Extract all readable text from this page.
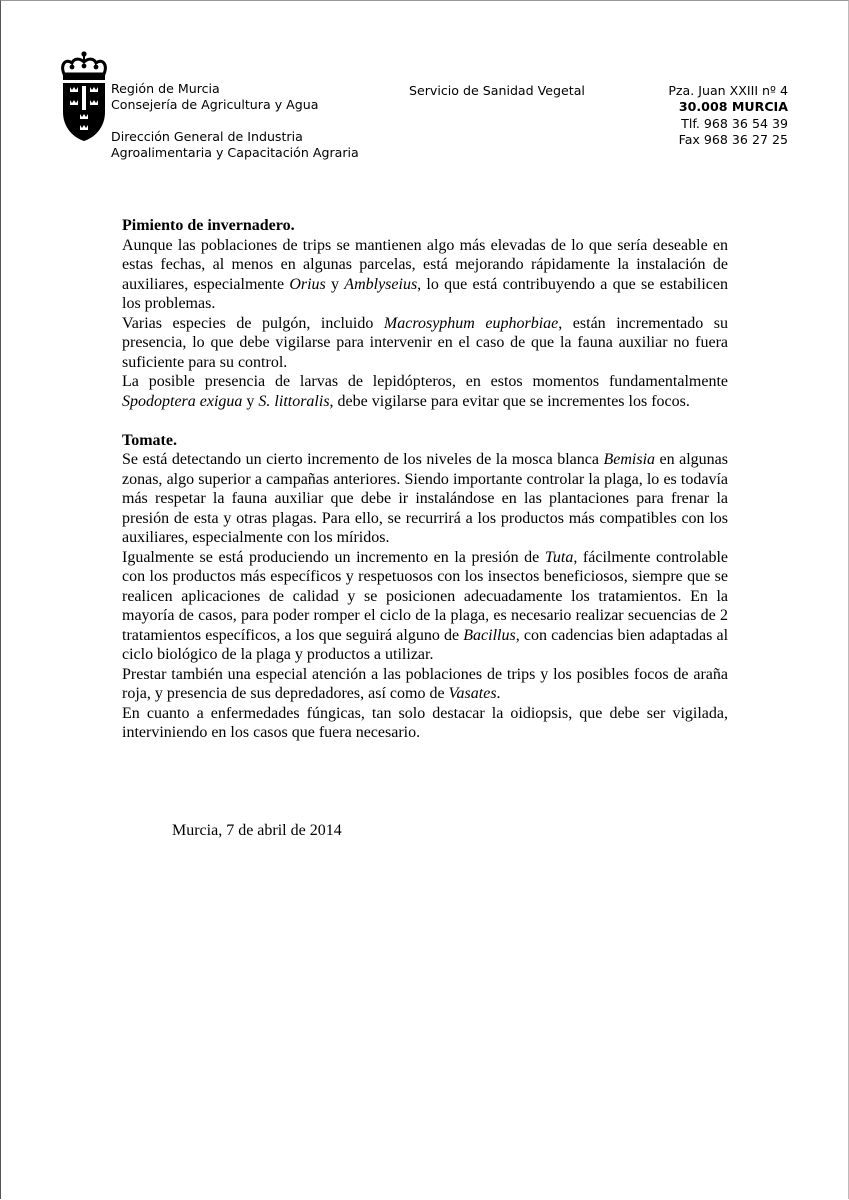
Región de Murcia
Consejería de Agricultura y Agua
Dirección General de Industria
Agroalimentaria y Capacitación Agraria
Servicio de Sanidad Vegetal	Pza. Juan XXIII nº 4
30.008 MURCIA
Tlf. 968 36 54 39
Fax 968 36 27 25

Pimiento de invernadero.

Aunque las poblaciones de trips se mantienen algo más elevadas de lo que sería deseable en estas fechas, al menos en algunas parcelas, está mejorando rápidamente la instalación de auxiliares, especialmente Orius y Amblyseius, lo que está contribuyendo a que se estabilicen los problemas.

Varias especies de pulgón, incluido Macrosyphum euphorbiae, están incrementado su presencia, lo que debe vigilarse para intervenir en el caso de que la fauna auxiliar no fuera suficiente para su control.

La posible presencia de larvas de lepidópteros, en estos momentos fundamentalmente Spodoptera exigua y S. littoralis, debe vigilarse para evitar que se incrementes los focos.

Tomate.

Se está detectando un cierto incremento de los niveles de la mosca blanca Bemisia en algunas zonas, algo superior a campañas anteriores. Siendo importante controlar la plaga, lo es todavía más respetar la fauna auxiliar que debe ir instalándose en las plantaciones para frenar la presión de esta y otras plagas. Para ello, se recurrirá a los productos más compatibles con los auxiliares, especialmente con los míridos.

Igualmente se está produciendo un incremento en la presión de Tuta, fácilmente controlable con los productos más específicos y respetuosos con los insectos beneficiosos, siempre que se realicen aplicaciones de calidad y se posicionen adecuadamente los tratamientos. En la mayoría de casos, para poder romper el ciclo de la plaga, es necesario realizar secuencias de 2 tratamientos específicos, a los que seguirá alguno de Bacillus, con cadencias bien adaptadas al ciclo biológico de la plaga y productos a utilizar.

Prestar también una especial atención a las poblaciones de trips y los posibles focos de araña roja, y presencia de sus depredadores, así como de Vasates.

En cuanto a enfermedades fúngicas, tan solo destacar la oidiopsis, que debe ser vigilada, interviniendo en los casos que fuera necesario.

Murcia, 7 de abril de 2014
